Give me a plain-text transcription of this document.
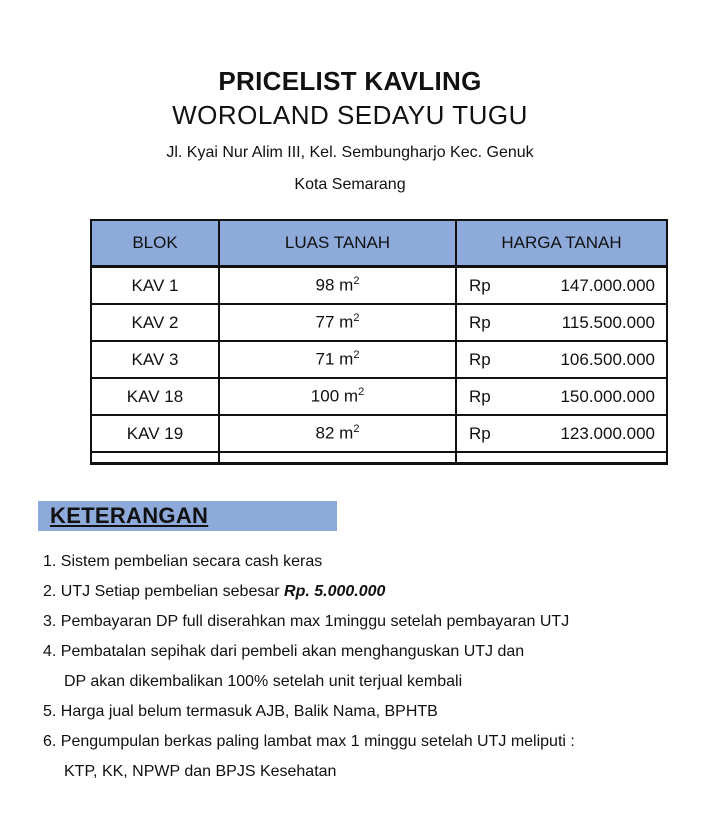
PRICELIST KAVLING
WOROLAND SEDAYU TUGU
Jl. Kyai Nur Alim III, Kel. Sembungharjo Kec. Genuk
Kota Semarang
BLOK	LUAS TANAH	HARGA TANAH
KAV 1	98 $m^2$	Rp 147.000.000

KAV 2	77 $m^2$	Rp 115.500.000

KAV 3	71 $m^2$	Rp 106.500.000

KAV 18	100 $m^2$	Rp 150.000.000

KAV 19	82 $m^2$	Rp 123.000.000

KETERANGAN
1. Sistem pembelian secara cash keras
2. UTJ Setiap pembelian sebesar Rp. 5.000.000
3. Pembayaran DP full diserahkan max 1minggu setelah pembayaran UTJ
4. Pembatalan sepihak dari pembeli akan menghanguskan UTJ dan
DP akan dikembalikan 100% setelah unit terjual kembali
5. Harga jual belum termasuk AJB, Balik Nama, BPHTB
6. Pengumpulan berkas paling lambat max 1 minggu setelah UTJ meliputi :
KTP, KK, NPWP dan BPJS Kesehatan
